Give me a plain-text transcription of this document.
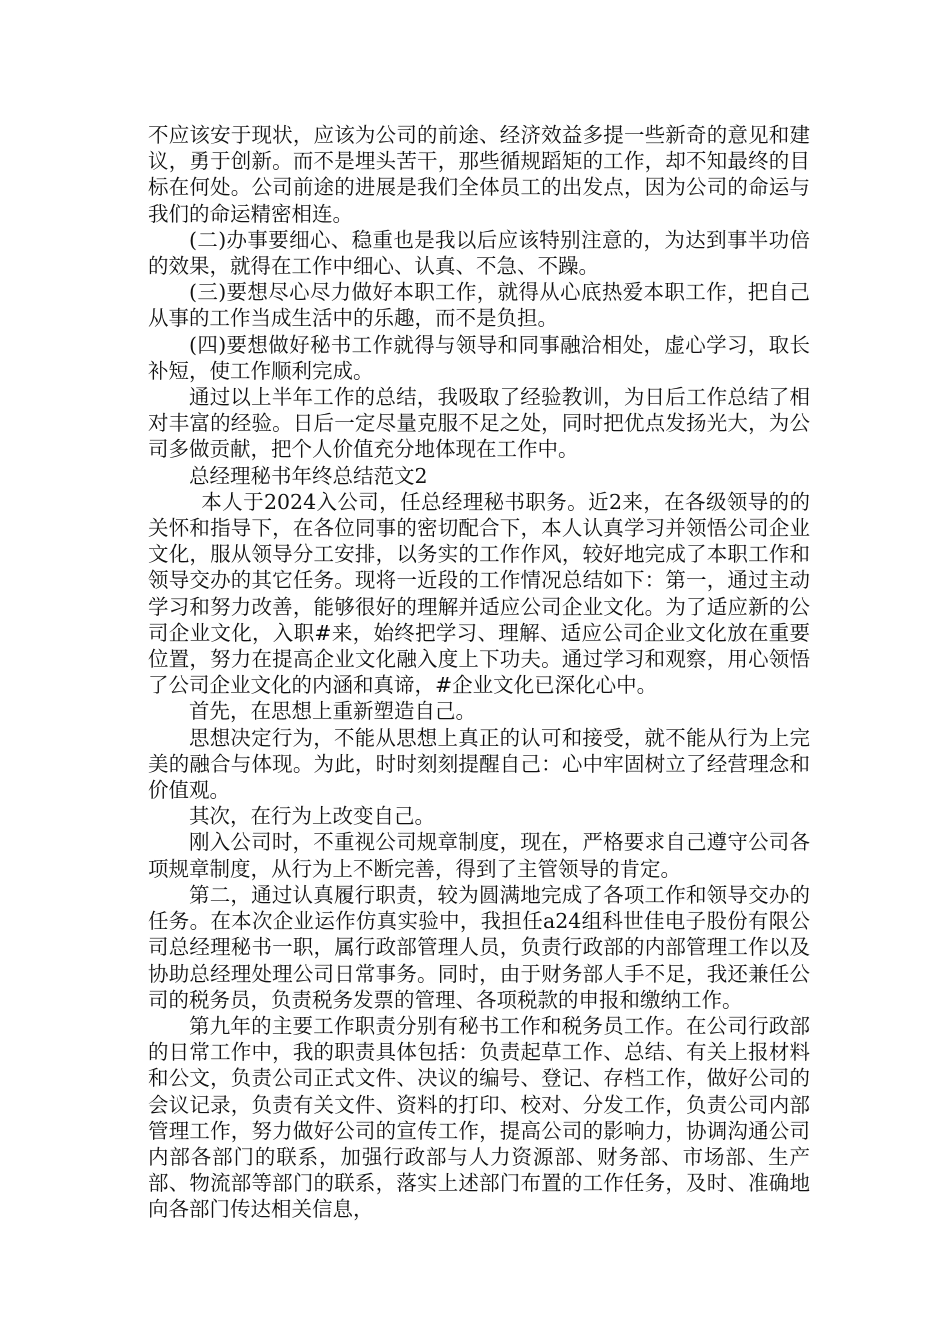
不应该安于现状，应该为公司的前途、经济效益多提一些新奇的意见和建议，勇于创新。而不是埋头苦干，那些循规蹈矩的工作，却不知最终的目标在何处。公司前途的进展是我们全体员工的出发点，因为公司的命运与我们的命运精密相连。

(二)办事要细心、稳重也是我以后应该特别注意的，为达到事半功倍的效果，就得在工作中细心、认真、不急、不躁。

(三)要想尽心尽力做好本职工作，就得从心底热爱本职工作，把自己从事的工作当成生活中的乐趣，而不是负担。

(四)要想做好秘书工作就得与领导和同事融洽相处，虚心学习，取长补短，使工作顺利完成。

通过以上半年工作的总结，我吸取了经验教训，为日后工作总结了相对丰富的经验。日后一定尽量克服不足之处，同时把优点发扬光大，为公司多做贡献，把个人价值充分地体现在工作中。

总经理秘书年终总结范文2

本人于2024入公司，任总经理秘书职务。近2来，在各级领导的的关怀和指导下，在各位同事的密切配合下，本人认真学习并领悟公司企业文化，服从领导分工安排，以务实的工作作风，较好地完成了本职工作和领导交办的其它任务。现将一近段的工作情况总结如下：第一，通过主动学习和努力改善，能够很好的理解并适应公司企业文化。为了适应新的公司企业文化，入职#来，始终把学习、理解、适应公司企业文化放在重要位置，努力在提高企业文化融入度上下功夫。通过学习和观察，用心领悟了公司企业文化的内涵和真谛，#企业文化已深化心中。

首先，在思想上重新塑造自己。

思想决定行为，不能从思想上真正的认可和接受，就不能从行为上完美的融合与体现。为此，时时刻刻提醒自己：心中牢固树立了经营理念和价值观。

其次，在行为上改变自己。

刚入公司时，不重视公司规章制度，现在，严格要求自己遵守公司各项规章制度，从行为上不断完善，得到了主管领导的肯定。

第二，通过认真履行职责，较为圆满地完成了各项工作和领导交办的任务。在本次企业运作仿真实验中，我担任a24组科世佳电子股份有限公司总经理秘书一职，属行政部管理人员，负责行政部的内部管理工作以及协助总经理处理公司日常事务。同时，由于财务部人手不足，我还兼任公司的税务员，负责税务发票的管理、各项税款的申报和缴纳工作。

第九年的主要工作职责分别有秘书工作和税务员工作。在公司行政部的日常工作中，我的职责具体包括：负责起草工作、总结、有关上报材料和公文，负责公司正式文件、决议的编号、登记、存档工作，做好公司的会议记录，负责有关文件、资料的打印、校对、分发工作，负责公司内部管理工作，努力做好公司的宣传工作，提高公司的影响力，协调沟通公司内部各部门的联系，加强行政部与人力资源部、财务部、市场部、生产部、物流部等部门的联系，落实上述部门布置的工作任务，及时、准确地向各部门传达相关信息，
